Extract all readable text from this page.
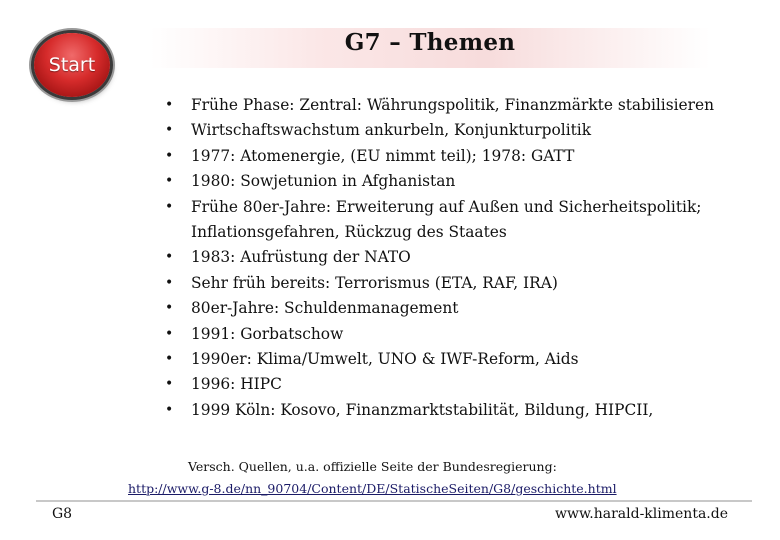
G7 – Themen
Start
• Frühe Phase: Zentral: Währungspolitik, Finanzmärkte stabilisieren
• Wirtschaftswachstum ankurbeln, Konjunkturpolitik
• 1977: Atomenergie, (EU nimmt teil); 1978: GATT
• 1980: Sowjetunion in Afghanistan
• Frühe 80er-Jahre: Erweiterung auf Außen und Sicherheitspolitik;
Inflationsgefahren, Rückzug des Staates
• 1983: Aufrüstung der NATO
• Sehr früh bereits: Terrorismus (ETA, RAF, IRA)
• 80er-Jahre: Schuldenmanagement
• 1991: Gorbatschow
• 1990er: Klima/Umwelt, UNO & IWF-Reform, Aids
• 1996: HIPC
• 1999 Köln: Kosovo, Finanzmarktstabilität, Bildung, HIPCII,
Versch. Quellen, u.a. offizielle Seite der Bundesregierung:
http://www.g-8.de/nn_90704/Content/DE/StatischeSeiten/G8/geschichte.html
G8	www.harald-klimenta.de
